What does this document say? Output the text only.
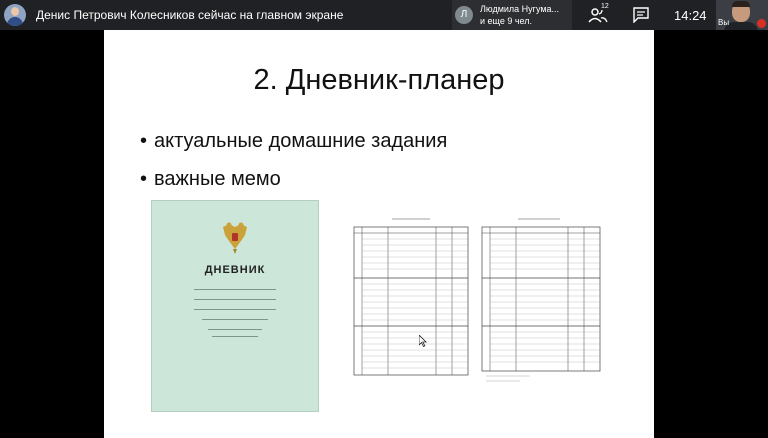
Денис Петрович Колесников сейчас на главном экране	Л	Людмила Нугума...
и еще 9 чел.
12
14:24 Вы
2. Дневник-планер
• актуальные домашние задания
• важные мемо
ДНЕВНИК
